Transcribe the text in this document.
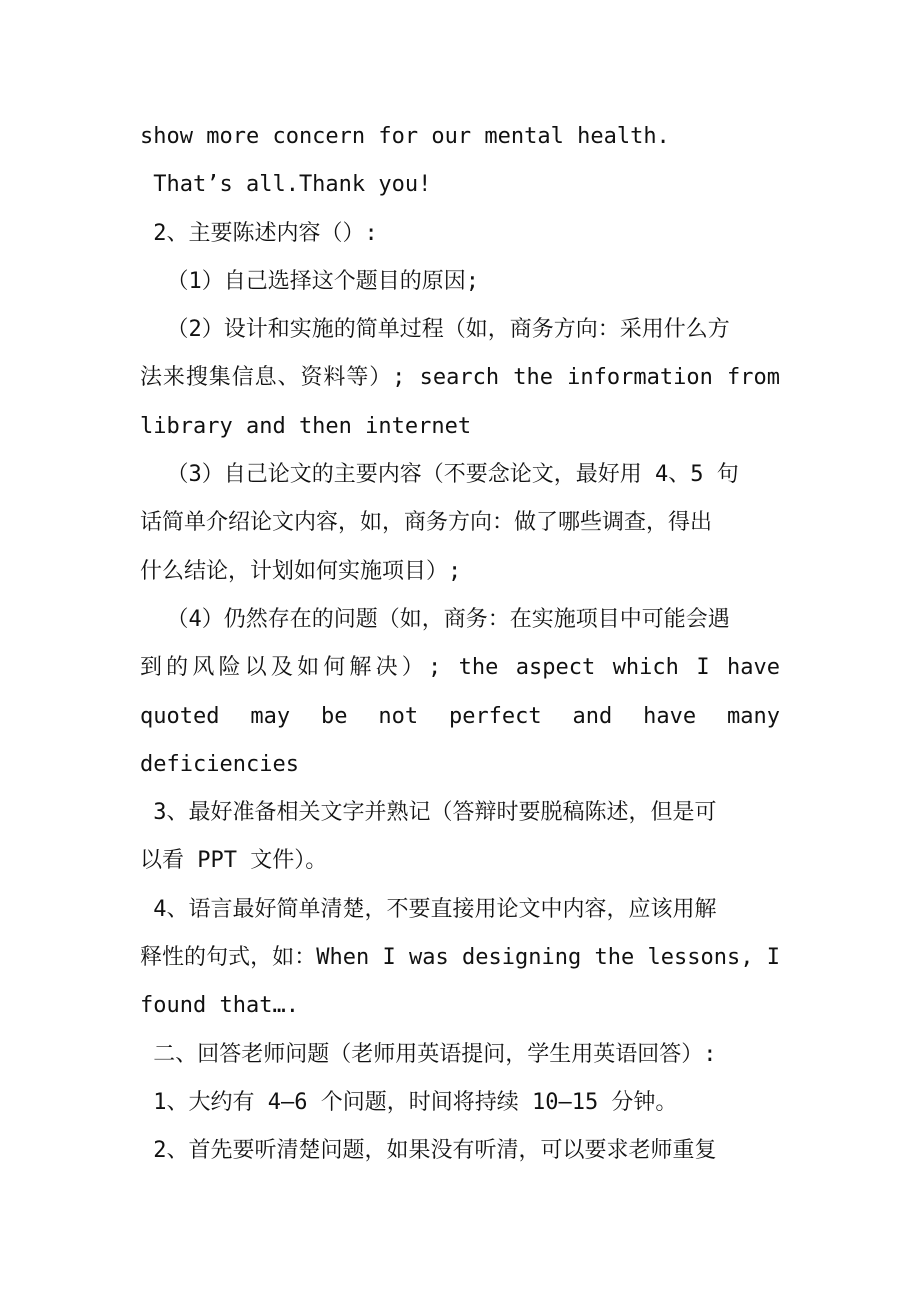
show more concern for our mental health.
That’s all.Thank you!
2、主要陈述内容（）:
（1）自己选择这个题目的原因;
（2）设计和实施的简单过程（如，商务方向：采用什么方
法来搜集信息、资料等）; search the information from
library and then internet
（3）自己论文的主要内容（不要念论文，最好用 4、5 句
话简单介绍论文内容，如，商务方向：做了哪些调查，得出
什么结论，计划如何实施项目）;
（4）仍然存在的问题（如，商务：在实施项目中可能会遇
到的风险以及如何解决）; the aspect which I have
quoted may be not perfect and have many
deficiencies
3、最好准备相关文字并熟记（答辩时要脱稿陈述，但是可
以看 PPT 文件）。
4、语言最好简单清楚，不要直接用论文中内容，应该用解
释性的句式，如：When I was designing the lessons, I
found that….
二、回答老师问题（老师用英语提问，学生用英语回答）:
1、大约有 4—6 个问题，时间将持续 10—15 分钟。
2、首先要听清楚问题，如果没有听清，可以要求老师重复
